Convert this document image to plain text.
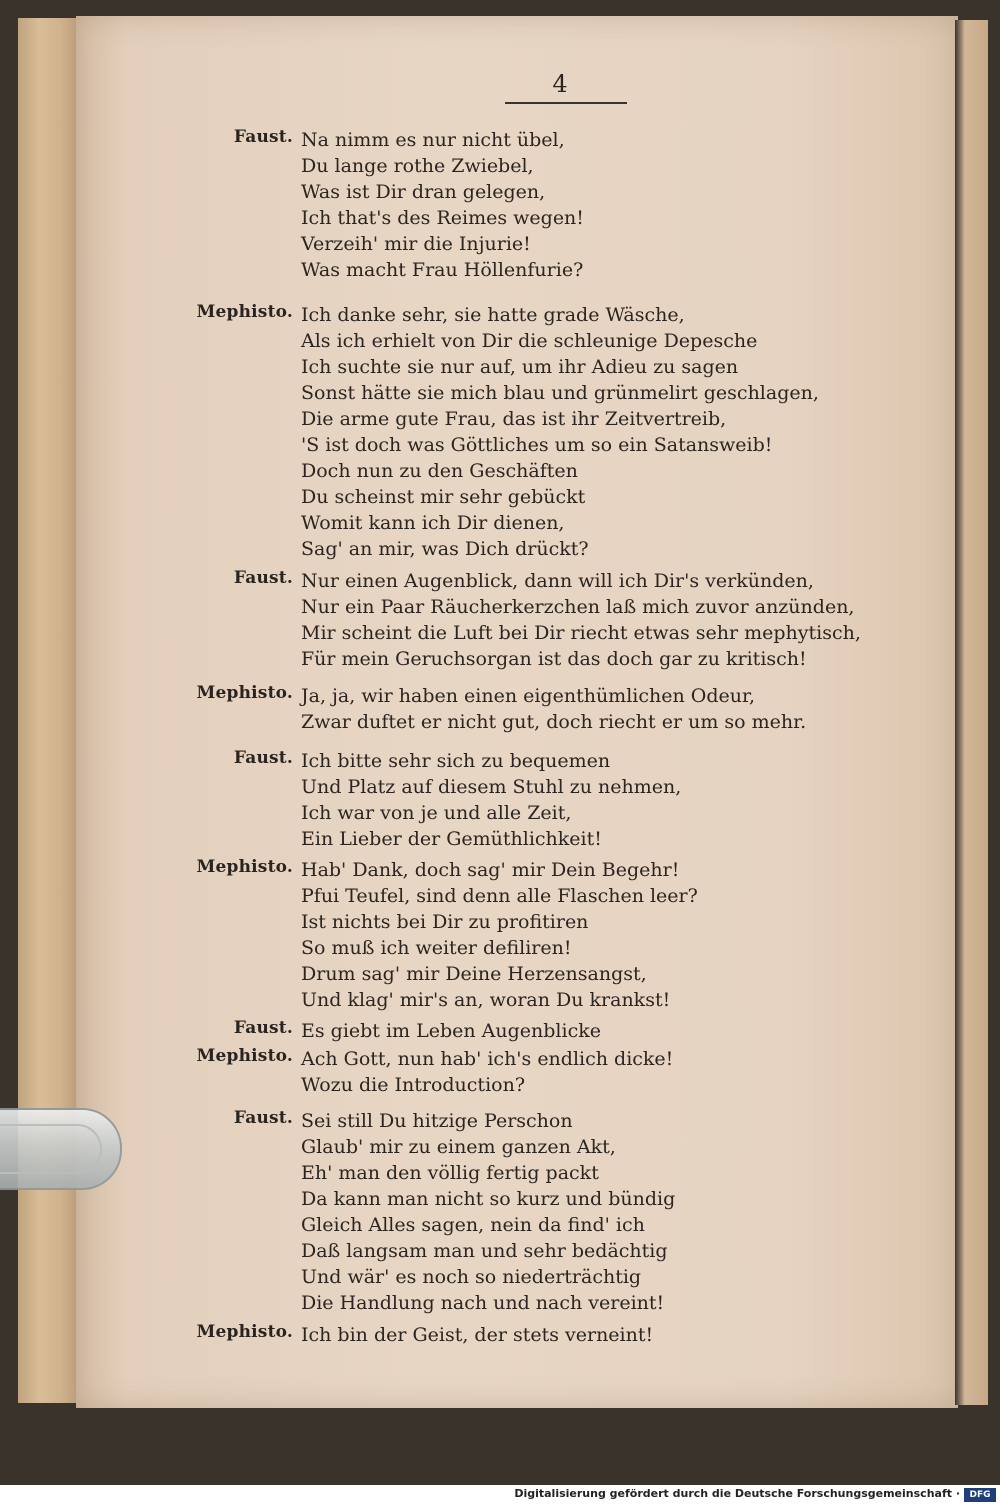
4
Faust . Na nimm es nur nicht übel,
Du lange rothe Zwiebel,
Was ist Dir dran gelegen,
Ich that's des Reimes wegen!
Verzeih' mir die Injurie!
Was macht Frau Höllenfurie?
Mephisto . Ich danke sehr, sie hatte grade Wäsche,
Als ich erhielt von Dir die schleunige Depesche
Ich suchte sie nur auf, um ihr Adieu zu sagen
Sonst hätte sie mich blau und grünmelirt geschlagen,
Die arme gute Frau, das ist ihr Zeitvertreib,
'S ist doch was Göttliches um so ein Satansweib!
Doch nun zu den Geschäften
Du scheinst mir sehr gebückt
Womit kann ich Dir dienen,
Sag' an mir, was Dich drückt?
Faust . Nur einen Augenblick, dann will ich Dir's verkünden,
Nur ein Paar Räucherkerzchen laß mich zuvor anzünden,
Mir scheint die Luft bei Dir riecht etwas sehr mephytisch,
Für mein Geruchsorgan ist das doch gar zu kritisch!
Mephisto . Ja, ja, wir haben einen eigenthümlichen Odeur,
Zwar duftet er nicht gut, doch riecht er um so mehr.
Faust . Ich bitte sehr sich zu bequemen
Und Platz auf diesem Stuhl zu nehmen,
Ich war von je und alle Zeit,
Ein Lieber der Gemüthlichkeit!
Mephisto . Hab' Dank, doch sag' mir Dein Begehr!
Pfui Teufel, sind denn alle Flaschen leer?
Ist nichts bei Dir zu profitiren
So muß ich weiter defiliren!
Drum sag' mir Deine Herzensangst,
Und klag' mir's an, woran Du krankst!
Faust . Es giebt im Leben Augenblicke
Mephisto . Ach Gott, nun hab' ich's endlich dicke!
Wozu die Introduction?
Faust . Sei still Du hitzige Perschon
Glaub' mir zu einem ganzen Akt,
Eh' man den völlig fertig packt
Da kann man nicht so kurz und bündig
Gleich Alles sagen, nein da find' ich
Daß langsam man und sehr bedächtig
Und wär' es noch so niederträchtig
Die Handlung nach und nach vereint!
Mephisto . Ich bin der Geist, der stets verneint!
Digitalisierung gefördert durch die Deutsche Forschungsgemeinschaft ·	DFG
